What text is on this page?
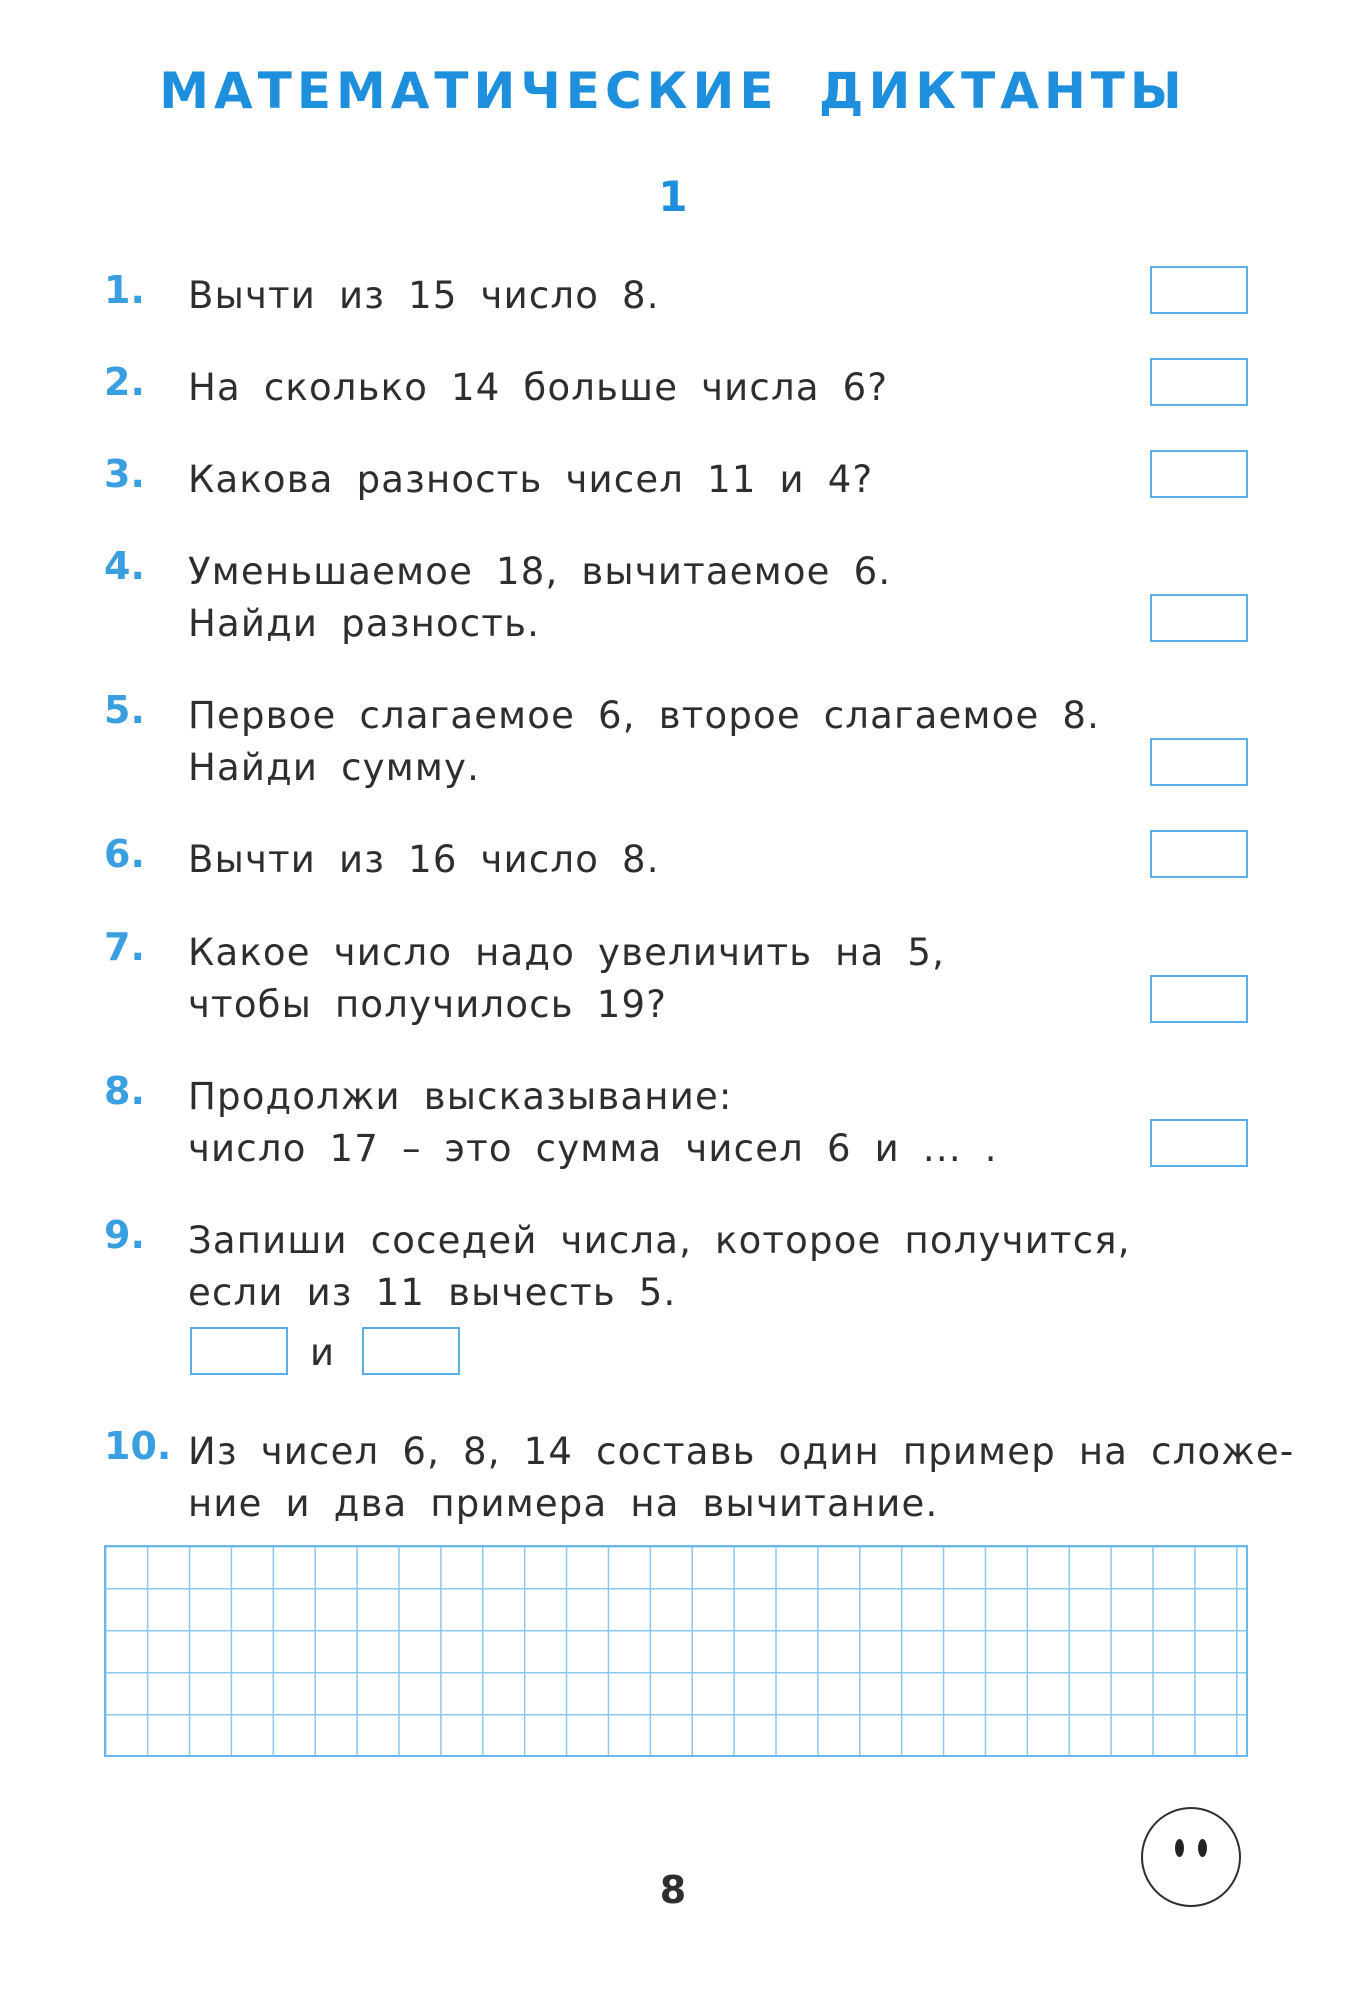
МАТЕМАТИЧЕСКИЕ ДИКТАНТЫ
1
1. Вычти из 15 число 8.
2. На сколько 14 больше числа 6?
3. Какова разность чисел 11 и 4?
4. Уменьшаемое 18, вычитаемое 6.
Найди разность.
5. Первое слагаемое 6, второе слагаемое 8.
Найди сумму.
6. Вычти из 16 число 8.
7. Какое число надо увеличить на 5,
чтобы получилось 19?
8. Продолжи высказывание:
число 17 – это сумма чисел 6 и ... .
9. Запиши соседей числа, которое получится,
если из 11 вычесть 5.
и
10. Из чисел 6, 8, 14 составь один пример на сложе-
ние и два примера на вычитание.
8
